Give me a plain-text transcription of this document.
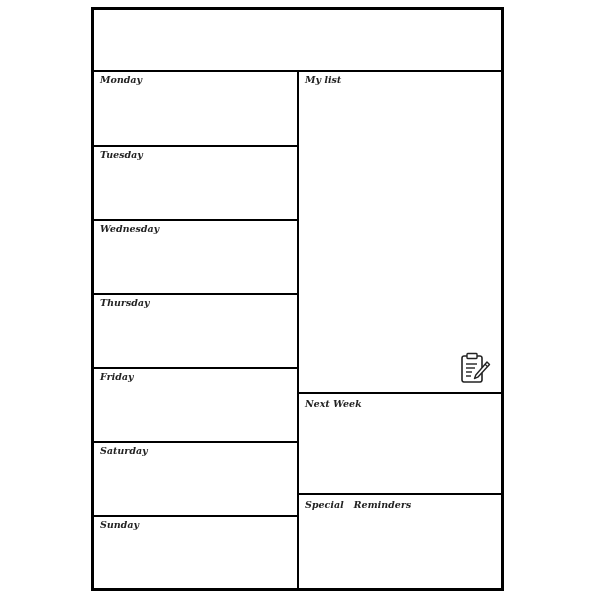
Monday
Tuesday
Wednesday
Thursday
Friday
Saturday
Sunday
My list
Next Week
Special   Reminders
